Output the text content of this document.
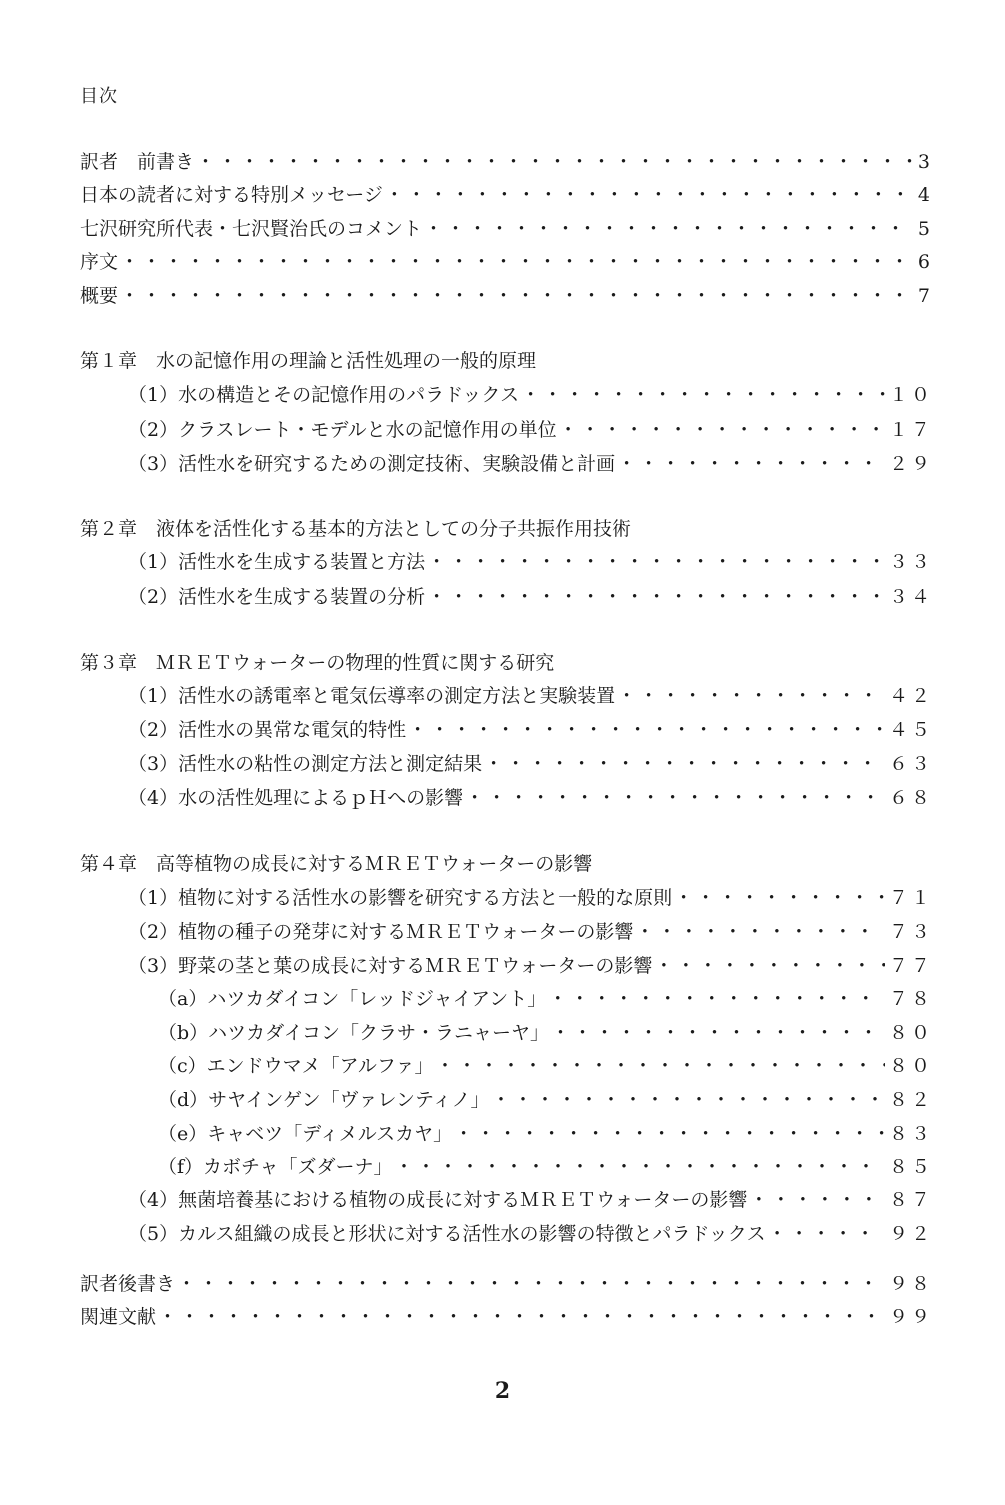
目次
訳者　前書き ・・・・・・・・・・・・・・・・・・・・・・・・・・・・・・・・・・・・・・・・・・・・・・・・・・・・・・・・・・・・・・・・・・	3
日本の読者に対する特別メッセージ ・・・・・・・・・・・・・・・・・・・・・・・・・・・・・・・・・・・・・・・・・・・・・・・・・・・・・・・・・・・・・・・・・・	4
七沢研究所代表・七沢賢治氏のコメント ・・・・・・・・・・・・・・・・・・・・・・・・・・・・・・・・・・・・・・・・・・・・・・・・・・・・・・・・・・・・・・・・・・	5
序文 ・・・・・・・・・・・・・・・・・・・・・・・・・・・・・・・・・・・・・・・・・・・・・・・・・・・・・・・・・・・・・・・・・・	6
概要 ・・・・・・・・・・・・・・・・・・・・・・・・・・・・・・・・・・・・・・・・・・・・・・・・・・・・・・・・・・・・・・・・・・	7
第１章　水の記憶作用の理論と活性処理の一般的原理
（1）水の構造とその記憶作用のパラドックス ・・・・・・・・・・・・・・・・・・・・・・・・・・・・・・・・・・・・・・・・・・・・・・・・・・・・・・・・・・・・・・・・・・	１０
（2）クラスレート・モデルと水の記憶作用の単位 ・・・・・・・・・・・・・・・・・・・・・・・・・・・・・・・・・・・・・・・・・・・・・・・・・・・・・・・・・・・・・・・・・・	１７
（3）活性水を研究するための測定技術、実験設備と計画 ・・・・・・・・・・・・・・・・・・・・・・・・・・・・・・・・・・・・・・・・・・・・・・・・・・・・・・・・・・・・・・・・・・	２９
第２章　液体を活性化する基本的方法としての分子共振作用技術
（1）活性水を生成する装置と方法 ・・・・・・・・・・・・・・・・・・・・・・・・・・・・・・・・・・・・・・・・・・・・・・・・・・・・・・・・・・・・・・・・・・	３３
（2）活性水を生成する装置の分析 ・・・・・・・・・・・・・・・・・・・・・・・・・・・・・・・・・・・・・・・・・・・・・・・・・・・・・・・・・・・・・・・・・・	３４
第３章　ＭＲＥＴウォーターの物理的性質に関する研究
（1）活性水の誘電率と電気伝導率の測定方法と実験装置 ・・・・・・・・・・・・・・・・・・・・・・・・・・・・・・・・・・・・・・・・・・・・・・・・・・・・・・・・・・・・・・・・・・	４２
（2）活性水の異常な電気的特性 ・・・・・・・・・・・・・・・・・・・・・・・・・・・・・・・・・・・・・・・・・・・・・・・・・・・・・・・・・・・・・・・・・・	４５
（3）活性水の粘性の測定方法と測定結果 ・・・・・・・・・・・・・・・・・・・・・・・・・・・・・・・・・・・・・・・・・・・・・・・・・・・・・・・・・・・・・・・・・・	６３
（4）水の活性処理によるｐＨへの影響 ・・・・・・・・・・・・・・・・・・・・・・・・・・・・・・・・・・・・・・・・・・・・・・・・・・・・・・・・・・・・・・・・・・	６８
第４章　高等植物の成長に対するＭＲＥＴウォーターの影響
（1）植物に対する活性水の影響を研究する方法と一般的な原則 ・・・・・・・・・・・・・・・・・・・・・・・・・・・・・・・・・・・・・・・・・・・・・・・・・・・・・・・・・・・・・・・・・・	７１
（2）植物の種子の発芽に対するＭＲＥＴウォーターの影響 ・・・・・・・・・・・・・・・・・・・・・・・・・・・・・・・・・・・・・・・・・・・・・・・・・・・・・・・・・・・・・・・・・・	７３
（3）野菜の茎と葉の成長に対するＭＲＥＴウォーターの影響 ・・・・・・・・・・・・・・・・・・・・・・・・・・・・・・・・・・・・・・・・・・・・・・・・・・・・・・・・・・・・・・・・・・	７７
（a）ハツカダイコン「レッドジャイアント」 ・・・・・・・・・・・・・・・・・・・・・・・・・・・・・・・・・・・・・・・・・・・・・・・・・・・・・・・・・・・・・・・・・・	７８
（b）ハツカダイコン「クラサ・ラニャーヤ」 ・・・・・・・・・・・・・・・・・・・・・・・・・・・・・・・・・・・・・・・・・・・・・・・・・・・・・・・・・・・・・・・・・・	８０
（c）エンドウマメ「アルファ」 ・・・・・・・・・・・・・・・・・・・・・・・・・・・・・・・・・・・・・・・・・・・・・・・・・・・・・・・・・・・・・・・・・・	８０
（d）サヤインゲン「ヴァレンティノ」 ・・・・・・・・・・・・・・・・・・・・・・・・・・・・・・・・・・・・・・・・・・・・・・・・・・・・・・・・・・・・・・・・・・	８２
（e）キャベツ「ディメルスカヤ」 ・・・・・・・・・・・・・・・・・・・・・・・・・・・・・・・・・・・・・・・・・・・・・・・・・・・・・・・・・・・・・・・・・・	８３
（f）カボチャ「ズダーナ」 ・・・・・・・・・・・・・・・・・・・・・・・・・・・・・・・・・・・・・・・・・・・・・・・・・・・・・・・・・・・・・・・・・・	８５
（4）無菌培養基における植物の成長に対するＭＲＥＴウォーターの影響 ・・・・・・・・・・・・・・・・・・・・・・・・・・・・・・・・・・・・・・・・・・・・・・・・・・・・・・・・・・・・・・・・・・	８７
（5）カルス組織の成長と形状に対する活性水の影響の特徴とパラドックス ・・・・・・・・・・・・・・・・・・・・・・・・・・・・・・・・・・・・・・・・・・・・・・・・・・・・・・・・・・・・・・・・・・	９２
訳者後書き ・・・・・・・・・・・・・・・・・・・・・・・・・・・・・・・・・・・・・・・・・・・・・・・・・・・・・・・・・・・・・・・・・・	９８
関連文献 ・・・・・・・・・・・・・・・・・・・・・・・・・・・・・・・・・・・・・・・・・・・・・・・・・・・・・・・・・・・・・・・・・・	９９
2
